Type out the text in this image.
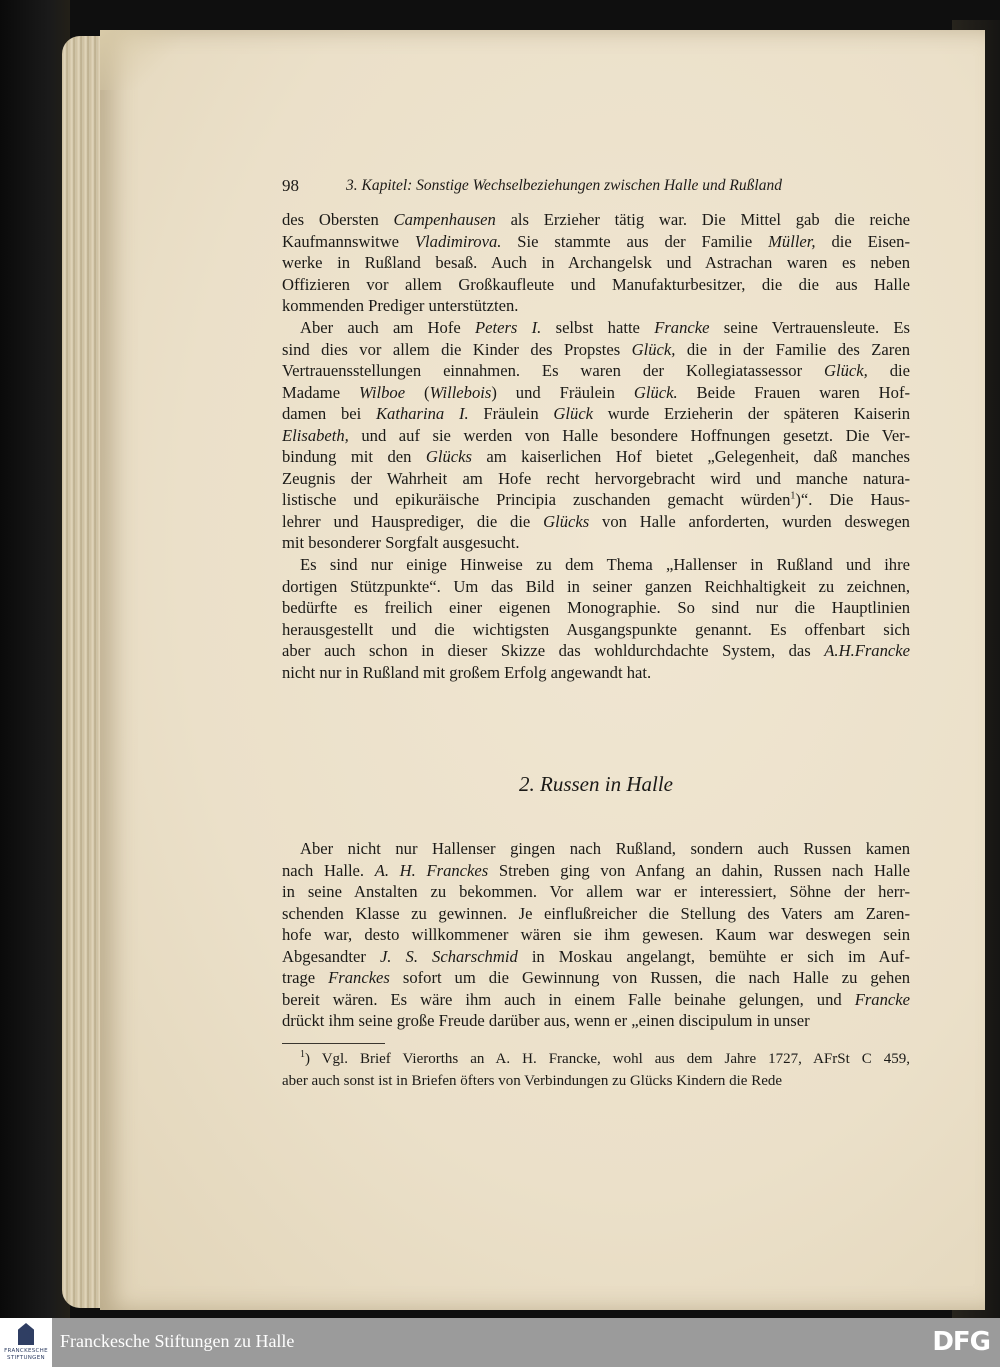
98	3. Kapitel: Sonstige Wechselbeziehungen zwischen Halle und Rußland
des Obersten Campenhausen als Erzieher tätig war. Die Mittel gab die reiche
Kaufmannswitwe Vladimirova. Sie stammte aus der Familie Müller, die Eisen-
werke in Rußland besaß. Auch in Archangelsk und Astrachan waren es neben
Offizieren vor allem Großkaufleute und Manufakturbesitzer, die die aus Halle
kommenden Prediger unterstützten.
Aber auch am Hofe Peters I. selbst hatte Francke seine Vertrauensleute. Es
sind dies vor allem die Kinder des Propstes Glück, die in der Familie des Zaren
Vertrauensstellungen einnahmen. Es waren der Kollegiatassessor Glück, die
Madame Wilboe (Willebois) und Fräulein Glück. Beide Frauen waren Hof-
damen bei Katharina I. Fräulein Glück wurde Erzieherin der späteren Kaiserin
Elisabeth, und auf sie werden von Halle besondere Hoffnungen gesetzt. Die Ver-
bindung mit den Glücks am kaiserlichen Hof bietet „Gelegenheit, daß manches
Zeugnis der Wahrheit am Hofe recht hervorgebracht wird und manche natura-
listische und epikuräische Principia zuschanden gemacht würden$^1$)“. Die Haus-
lehrer und Hausprediger, die die Glücks von Halle anforderten, wurden deswegen
mit besonderer Sorgfalt ausgesucht.
Es sind nur einige Hinweise zu dem Thema „Hallenser in Rußland und ihre
dortigen Stützpunkte“. Um das Bild in seiner ganzen Reichhaltigkeit zu zeichnen,
bedürfte es freilich einer eigenen Monographie. So sind nur die Hauptlinien
herausgestellt und die wichtigsten Ausgangspunkte genannt. Es offenbart sich
aber auch schon in dieser Skizze das wohldurchdachte System, das A.H.Francke
nicht nur in Rußland mit großem Erfolg angewandt hat.
2. Russen in Halle
Aber nicht nur Hallenser gingen nach Rußland, sondern auch Russen kamen
nach Halle. A. H. Franckes Streben ging von Anfang an dahin, Russen nach Halle
in seine Anstalten zu bekommen. Vor allem war er interessiert, Söhne der herr-
schenden Klasse zu gewinnen. Je einflußreicher die Stellung des Vaters am Zaren-
hofe war, desto willkommener wären sie ihm gewesen. Kaum war deswegen sein
Abgesandter J. S. Scharschmid in Moskau angelangt, bemühte er sich im Auf-
trage Franckes sofort um die Gewinnung von Russen, die nach Halle zu gehen
bereit wären. Es wäre ihm auch in einem Falle beinahe gelungen, und Francke
drückt ihm seine große Freude darüber aus, wenn er „einen discipulum in unser
$^1$) Vgl. Brief Vierorths an A. H. Francke, wohl aus dem Jahre 1727, AFrSt C 459,
aber auch sonst ist in Briefen öfters von Verbindungen zu Glücks Kindern die Rede
FRANCKESCHE
STIFTUNGEN
Franckesche Stiftungen zu Halle	DFG
